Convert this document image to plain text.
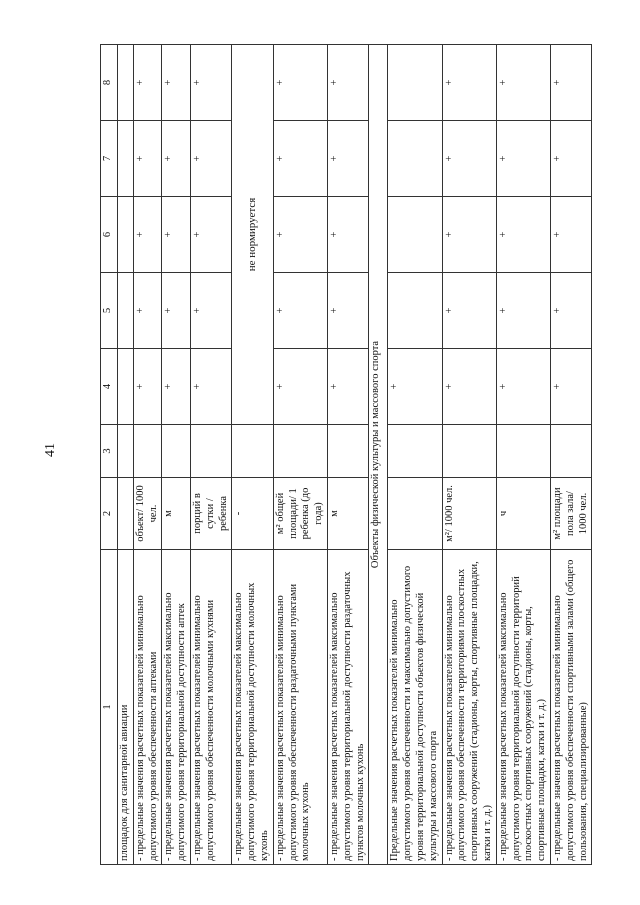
41
1	2	3	4	5	6	7	8
площадок для санитарной авиации							
- предельные значения расчетных показателей минимально допустимого уровня обеспеченности аптеками	объект/ 1000 чел.		+	+	+	+	+
- предельные значения расчетных показателей максимально допустимого уровня территориальной доступности аптек	м		+	+	+	+	+
- предельные значения расчетных показателей минимально допустимого уровня обеспеченности молочными кухнями	порций в сутки /ребенка		+	+	+	+	+
- предельные значения расчетных показателей максимально допустимого уровня территориальной доступности молочных кухонь	-		не нормируется				
- предельные значения расчетных показателей минимально допустимого уровня обеспеченности раздаточными пунктами молочных кухонь	м² общей площади/ 1 ребенка (до года)		+	+	+	+	+
- предельные значения расчетных показателей максимально допустимого уровня территориальной доступности раздаточных пунктов молочных кухонь	м		+	+	+	+	+
Объекты физической культуры и массового спорта							
Предельные значения расчетных показателей минимально допустимого уровня обеспеченности и максимально допустимого уровня территориальной доступности объектов физической культуры и массового спорта			+				
- предельные значения расчетных показателей минимально допустимого уровня обеспеченности территориями плоскостных спортивных сооружений (стадионы, корты, спортивные площадки, катки и т. д.)	м²/ 1000 чел.		+	+	+	+	+
- предельные значения расчетных показателей максимально допустимого уровня территориальной доступности территорий плоскостных спортивных сооружений (стадионы, корты, спортивные площадки, катки и т. д.)	ч		+	+	+	+	+
- предельные значения расчетных показателей минимально допустимого уровня обеспеченности спортивными залами (общего пользования, специализированные)	м² площади пола зала/ 1000 чел.		+	+	+	+	+
